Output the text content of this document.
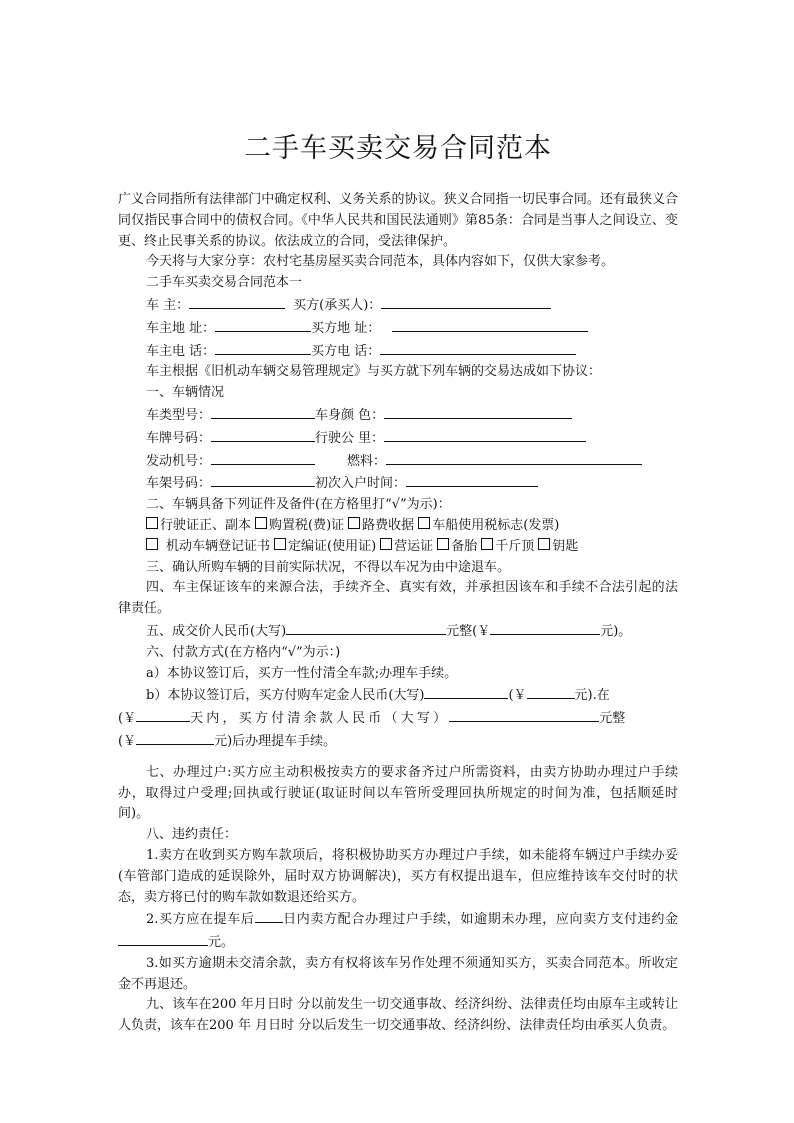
二手车买卖交易合同范本

广义合同指所有法律部门中确定权利、义务关系的协议。狭义合同指一切民事合同。还有最狭义合同仅指民事合同中的债权合同。《中华人民共和国民法通则》第85条：合同是当事人之间设立、变更、终止民事关系的协议。依法成立的合同，受法律保护。

今天将与大家分享：农村宅基房屋买卖合同范本，具体内容如下，仅供大家参考。

二手车买卖交易合同范本一

车 主：	买方(承买人)：
车主地 址：	买方地 址：
车主电 话：	买方电 话：

车主根据《旧机动车辆交易管理规定》与买方就下列车辆的交易达成如下协议：

一、车辆情况

车类型号：	车身颜 色：
车牌号码：	行驶公 里：
发动机号：	燃料：
车架号码：	初次入户时间：

二、车辆具备下列证件及备件(在方格里打“√”为示)：

行驶证正、副本 购置税(费)证 路费收据 车船使用税标志(发票)
机动车辆登记证书 定编证(使用证) 营运证 备胎 千斤顶 钥匙

三、确认所购车辆的目前实际状况，不得以车况为由中途退车。

四、车主保证该车的来源合法，手续齐全、真实有效，并承担因该车和手续不合法引起的法律责任。

五、成交价人民币(大写)	元整(￥	元)。

六、付款方式(在方格内“√”为示：)

a）本协议签订后，买方一性付清全车款;办理车手续。

b）本协议签订后，买方付购车定金人民币(大写)	(￥	元).在
(￥	天内，买方付清余款人民币（大写）	元整
(￥	元)后办理提车手续。

七、办理过户:买方应主动积极按卖方的要求备齐过户所需资料，由卖方协助办理过户手续办，取得过户受理;回执或行驶证(取证时间以车管所受理回执所规定的时间为准，包括顺延时间)。

八、违约责任：

1.卖方在收到买方购车款项后，将积极协助买方办理过户手续，如未能将车辆过户手续办妥(车管部门造成的延误除外，届时双方协调解决)，买方有权提出退车，但应维持该车交付时的状态，卖方将已付的购车款如数退还给买方。

2.买方应在提车后 日内卖方配合办理过户手续，如逾期未办理，应向卖方支付违约金元。

3.如买方逾期未交清余款，卖方有权将该车另作处理不须通知买方，买卖合同范本。所收定金不再退还。

九、该车在200 年月日时 分以前发生一切交通事故、经济纠纷、法律责任均由原车主或转让人负责，该车在200 年 月日时 分以后发生一切交通事故、经济纠纷、法律责任均由承买人负责。
